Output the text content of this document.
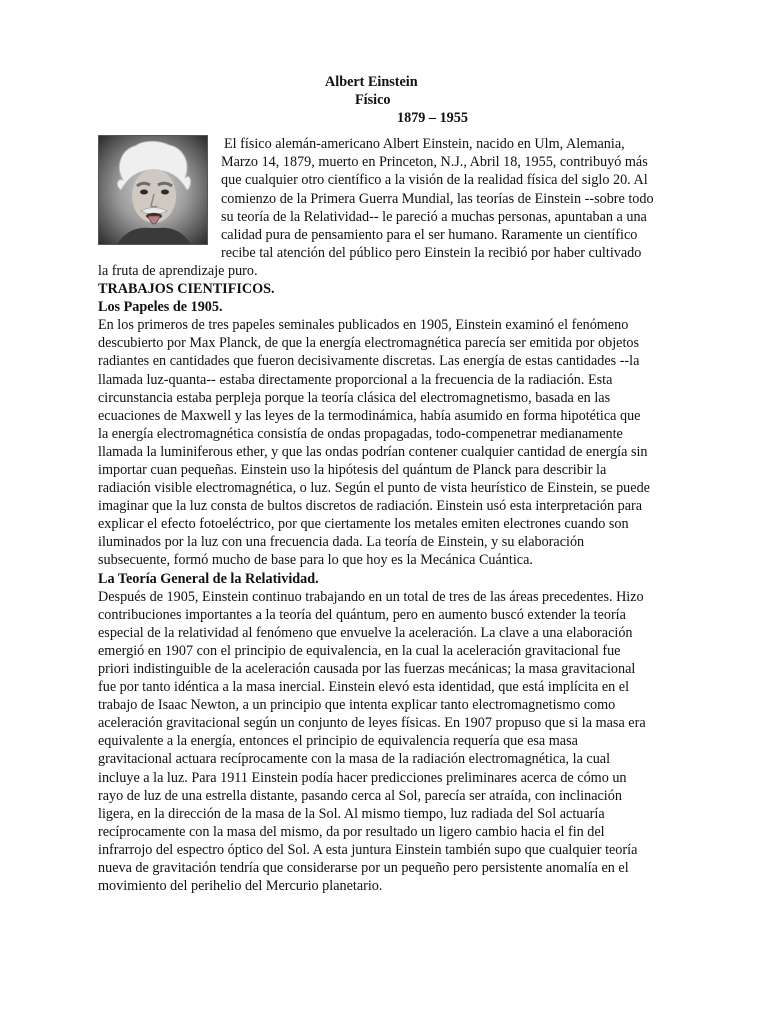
Albert Einstein
Físico
1879 – 1955

El físico alemán-americano Albert Einstein, nacido en Ulm, Alemania, Marzo 14, 1879, muerto en Princeton, N.J., Abril 18, 1955, contribuyó más que cualquier otro científico a la visión de la realidad física del siglo 20. Al comienzo de la Primera Guerra Mundial, las teorías de Einstein --sobre todo su teoría de la Relatividad-- le pareció a muchas personas, apuntaban a una calidad pura de pensamiento para el ser humano. Raramente un científico recibe tal atención del público pero Einstein la recibió por haber cultivado la fruta de aprendizaje puro.

TRABAJOS CIENTIFICOS.

Los Papeles de 1905.

En los primeros de tres papeles seminales publicados en 1905, Einstein examinó el fenómeno descubierto por Max Planck, de que la energía electromagnética parecía ser emitida por objetos radiantes en cantidades que fueron decisivamente discretas. Las energía de estas cantidades --la llamada luz-quanta-- estaba directamente proporcional a la frecuencia de la radiación. Esta circunstancia estaba perpleja porque la teoría clásica del electromagnetismo, basada en las ecuaciones de Maxwell y las leyes de la termodinámica, había asumido en forma hipotética que la energía electromagnética consistía de ondas propagadas, todo-compenetrar medianamente llamada la luminiferous ether, y que las ondas podrían contener cualquier cantidad de energía sin importar cuan pequeñas. Einstein uso la hipótesis del quántum de Planck para describir la radiación visible electromagnética, o luz. Según el punto de vista heurístico de Einstein, se puede imaginar que la luz consta de bultos discretos de radiación. Einstein usó esta interpretación para explicar el efecto fotoeléctrico, por que ciertamente los metales emiten electrones cuando son iluminados por la luz con una frecuencia dada. La teoría de Einstein, y su elaboración subsecuente, formó mucho de base para lo que hoy es la Mecánica Cuántica.

La Teoría General de la Relatividad.

Después de 1905, Einstein continuo trabajando en un total de tres de las áreas precedentes. Hizo contribuciones importantes a la teoría del quántum, pero en aumento buscó extender la teoría especial de la relatividad al fenómeno que envuelve la aceleración. La clave a una elaboración emergió en 1907 con el principio de equivalencia, en la cual la aceleración gravitacional fue priori indistinguible de la aceleración causada por las fuerzas mecánicas; la masa gravitacional fue por tanto idéntica a la masa inercial. Einstein elevó esta identidad, que está implícita en el trabajo de Isaac Newton, a un principio que intenta explicar tanto electromagnetismo como aceleración gravitacional según un conjunto de leyes físicas. En 1907 propuso que si la masa era equivalente a la energía, entonces el principio de equivalencia requería que esa masa gravitacional actuara recíprocamente con la masa de la radiación electromagnética, la cual incluye a la luz. Para 1911 Einstein podía hacer predicciones preliminares acerca de cómo un rayo de luz de una estrella distante, pasando cerca al Sol, parecía ser atraída, con inclinación ligera, en la dirección de la masa de la Sol. Al mismo tiempo, luz radiada del Sol actuaría recíprocamente con la masa del mismo, da por resultado un ligero cambio hacia el fin del infrarrojo del espectro óptico del Sol. A esta juntura Einstein también supo que cualquier teoría nueva de gravitación tendría que considerarse por un pequeño pero persistente anomalía en el movimiento del perihelio del Mercurio planetario.
